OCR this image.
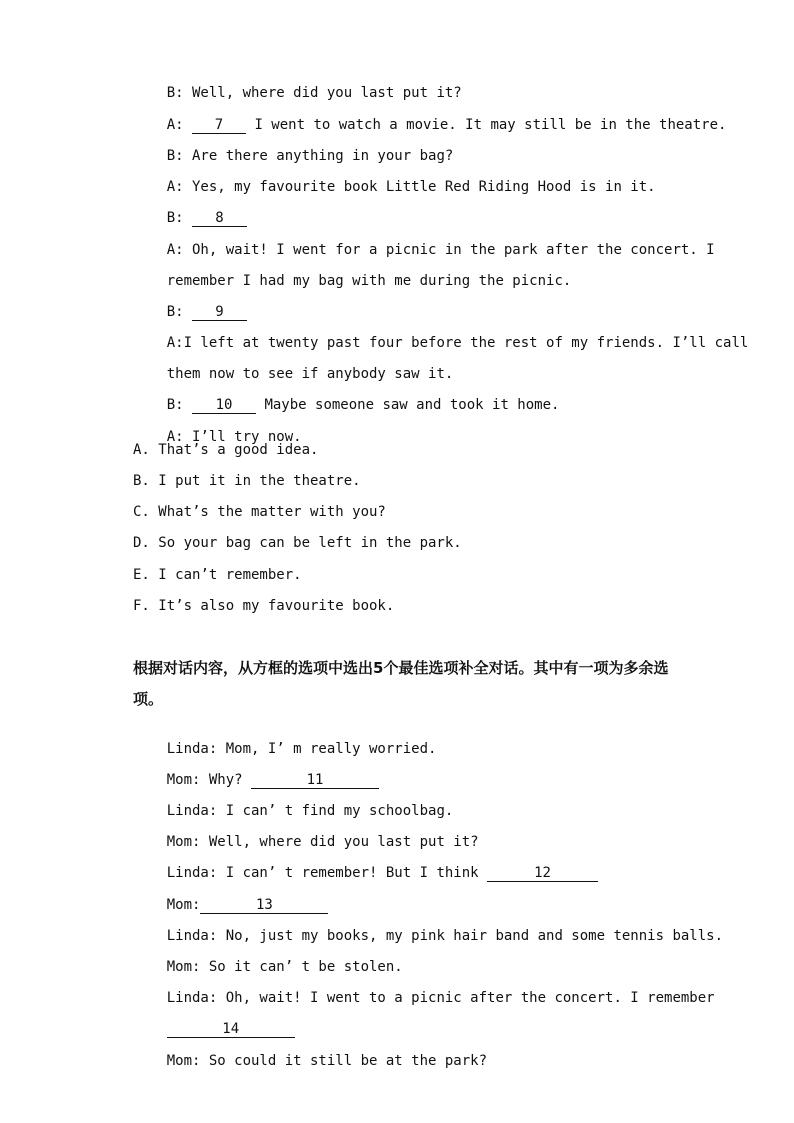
B: Well, where did you last put it?

A: 7 I went to watch a movie. It may still be in the theatre.

B: Are there anything in your bag?

A: Yes, my favourite book Little Red Riding Hood is in it.

B: 8

A: Oh, wait! I went for a picnic in the park after the concert. I

remember I had my bag with me during the picnic.

B: 9

A:I left at twenty past four before the rest of my friends. I’ll call

them now to see if anybody saw it.

B: 10 Maybe someone saw and took it home.

A: I’ll try now.

A. That’s a good idea.
B. I put it in the theatre.
C. What’s the matter with you?
D. So your bag can be left in the park.
E. I can’t remember.
F. It’s also my favourite book.
根据对话内容，从方框的选项中选出5个最佳选项补全对话。其中有一项为多余选项。

Linda: Mom, I’ m really worried.

Mom: Why?	11

Linda: I can’ t find my schoolbag.

Mom: Well, where did you last put it?

Linda: I can’ t remember! But I think	12

Mom:	13

Linda: No, just my books, my pink hair band and some tennis balls.

Mom: So it can’ t be stolen.

Linda: Oh, wait! I went to a picnic after the concert. I remember

14

Mom: So could it still be at the park?
